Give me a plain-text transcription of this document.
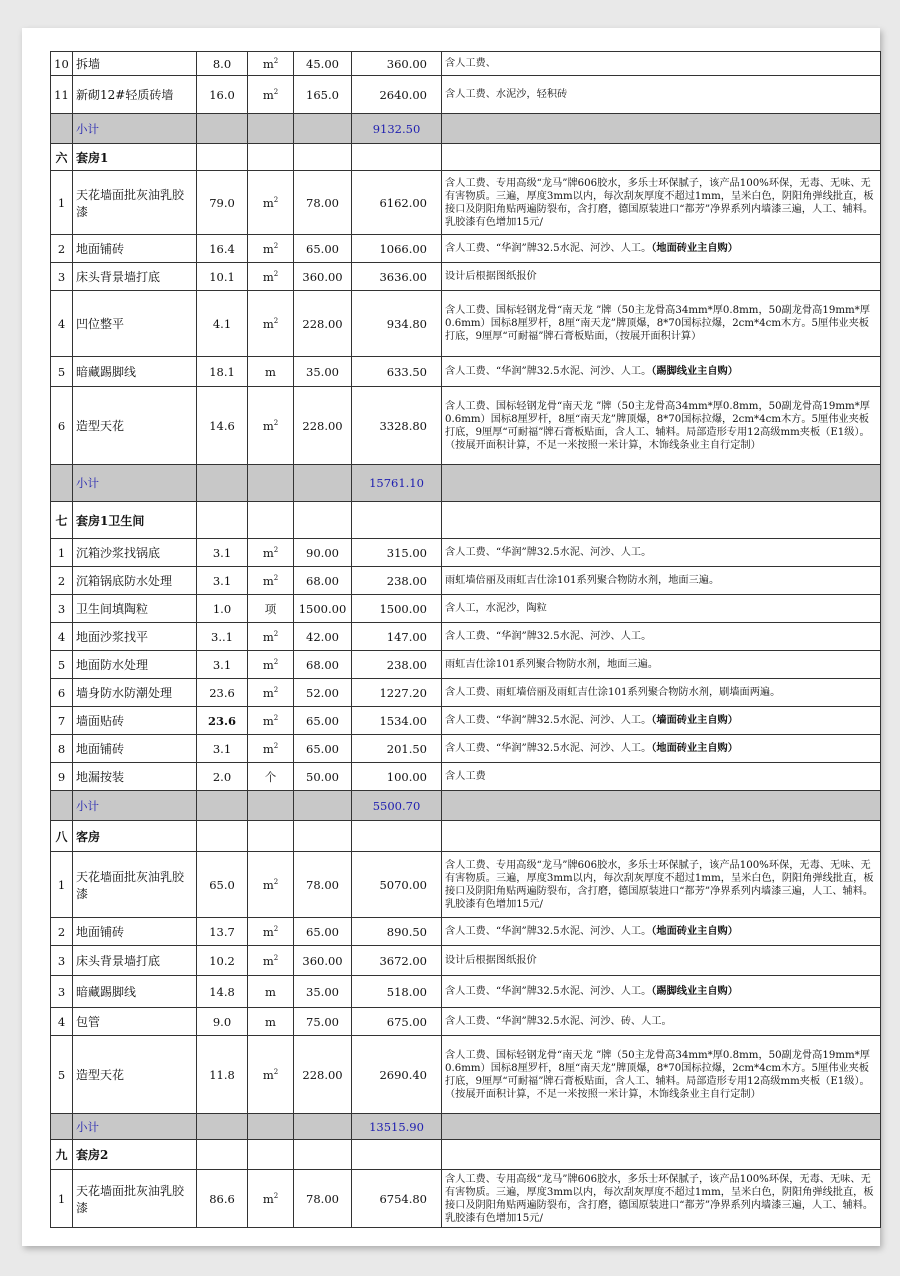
10	拆墙	8.0	$m^2$	45.00	360.00	含人工费、
11	新砌12#轻质砖墙	16.0	$m^2$	165.0	2640.00	含人工费、水泥沙，轻积砖
	小计				9132.50	
六	套房1					
1	天花墙面批灰油乳胶漆	79.0	$m^2$	78.00	6162.00	含人工费、专用高级“龙马”牌606胶水，多乐士环保腻子，该产品100%环保，无毒、无味、无有害物质。三遍，厚度3mm以内，每次刮灰厚度不超过1mm，呈米白色，阴阳角弹线批直，板接口及阴阳角贴两遍防裂布，含打磨，德国原装进口“都芳”净界系列内墙漆三遍，人工、辅料。乳胶漆有色增加15元/
2	地面铺砖	16.4	$m^2$	65.00	1066.00	含人工费、“华润”牌32.5水泥、河沙、人工。（地面砖业主自购）
3	床头背景墙打底	10.1	$m^2$	360.00	3636.00	设计后根据图纸报价
4	凹位整平	4.1	$m^2$	228.00	934.80	含人工费、国标轻钢龙骨“南天龙 ”牌（50主龙骨高34mm*厚0.8mm，50副龙骨高19mm*厚0.6mm）国标8厘罗杆，8厘“南天龙”牌顶爆，8*70国标拉爆，2cm*4cm木方。5厘伟业夹板打底，9厘厚“可耐福”牌石膏板贴面，（按展开面积计算）
5	暗藏踢脚线	18.1	m	35.00	633.50	含人工费、“华润”牌32.5水泥、河沙、人工。（踢脚线业主自购）
6	造型天花	14.6	$m^2$	228.00	3328.80	含人工费、国标轻钢龙骨“南天龙 ”牌（50主龙骨高34mm*厚0.8mm，50副龙骨高19mm*厚0.6mm）国标8厘罗杆，8厘“南天龙”牌顶爆，8*70国标拉爆，2cm*4cm木方。5厘伟业夹板打底，9厘厚“可耐福”牌石膏板贴面，含人工、辅料。局部造形专用12高级mm夹板（E1级）。（按展开面积计算，不足一米按照一米计算，木饰线条业主自行定制）
	小计				15761.10	
七	套房1卫生间					
1	沉箱沙浆找锅底	3.1	$m^2$	90.00	315.00	含人工费、“华润”牌32.5水泥、河沙、人工。
2	沉箱锅底防水处理	3.1	$m^2$	68.00	238.00	雨虹墙倍丽及雨虹吉仕涂101系列聚合物防水剂，地面三遍。
3	卫生间填陶粒	1.0	项	1500.00	1500.00	含人工，水泥沙，陶粒
4	地面沙浆找平	3..1	$m^2$	42.00	147.00	含人工费、“华润”牌32.5水泥、河沙、人工。
5	地面防水处理	3.1	$m^2$	68.00	238.00	雨虹吉仕涂101系列聚合物防水剂，地面三遍。
6	墙身防水防潮处理	23.6	$m^2$	52.00	1227.20	含人工费、雨虹墙倍丽及雨虹吉仕涂101系列聚合物防水剂，刷墙面两遍。
7	墙面贴砖	23.6	$m^2$	65.00	1534.00	含人工费、“华润”牌32.5水泥、河沙、人工。（墙面砖业主自购）
8	地面铺砖	3.1	$m^2$	65.00	201.50	含人工费、“华润”牌32.5水泥、河沙、人工。（地面砖业主自购）
9	地漏按装	2.0	个	50.00	100.00	含人工费
	小计				5500.70	
八	客房					
1	天花墙面批灰油乳胶漆	65.0	$m^2$	78.00	5070.00	含人工费、专用高级“龙马”牌606胶水，多乐士环保腻子，该产品100%环保，无毒、无味、无有害物质。三遍，厚度3mm以内，每次刮灰厚度不超过1mm，呈米白色，阴阳角弹线批直，板接口及阴阳角贴两遍防裂布，含打磨，德国原装进口“都芳”净界系列内墙漆三遍，人工、辅料。乳胶漆有色增加15元/
2	地面铺砖	13.7	$m^2$	65.00	890.50	含人工费、“华润”牌32.5水泥、河沙、人工。（地面砖业主自购）
3	床头背景墙打底	10.2	$m^2$	360.00	3672.00	设计后根据图纸报价
3	暗藏踢脚线	14.8	m	35.00	518.00	含人工费、“华润”牌32.5水泥、河沙、人工。（踢脚线业主自购）
4	包管	9.0	m	75.00	675.00	含人工费、“华润”牌32.5水泥、河沙、砖、人工。
5	造型天花	11.8	$m^2$	228.00	2690.40	含人工费、国标轻钢龙骨“南天龙 ”牌（50主龙骨高34mm*厚0.8mm，50副龙骨高19mm*厚0.6mm）国标8厘罗杆，8厘“南天龙”牌顶爆，8*70国标拉爆，2cm*4cm木方。5厘伟业夹板打底，9厘厚“可耐福”牌石膏板贴面，含人工、辅料。局部造形专用12高级mm夹板（E1级）。（按展开面积计算，不足一米按照一米计算，木饰线条业主自行定制）
	小计				13515.90	
九	套房2					
1	天花墙面批灰油乳胶漆	86.6	$m^2$	78.00	6754.80	含人工费、专用高级“龙马”牌606胶水，多乐士环保腻子，该产品100%环保，无毒、无味、无有害物质。三遍，厚度3mm以内，每次刮灰厚度不超过1mm，呈米白色，阴阳角弹线批直，板接口及阴阳角贴两遍防裂布，含打磨，德国原装进口“都芳”净界系列内墙漆三遍，人工、辅料。乳胶漆有色增加15元/
